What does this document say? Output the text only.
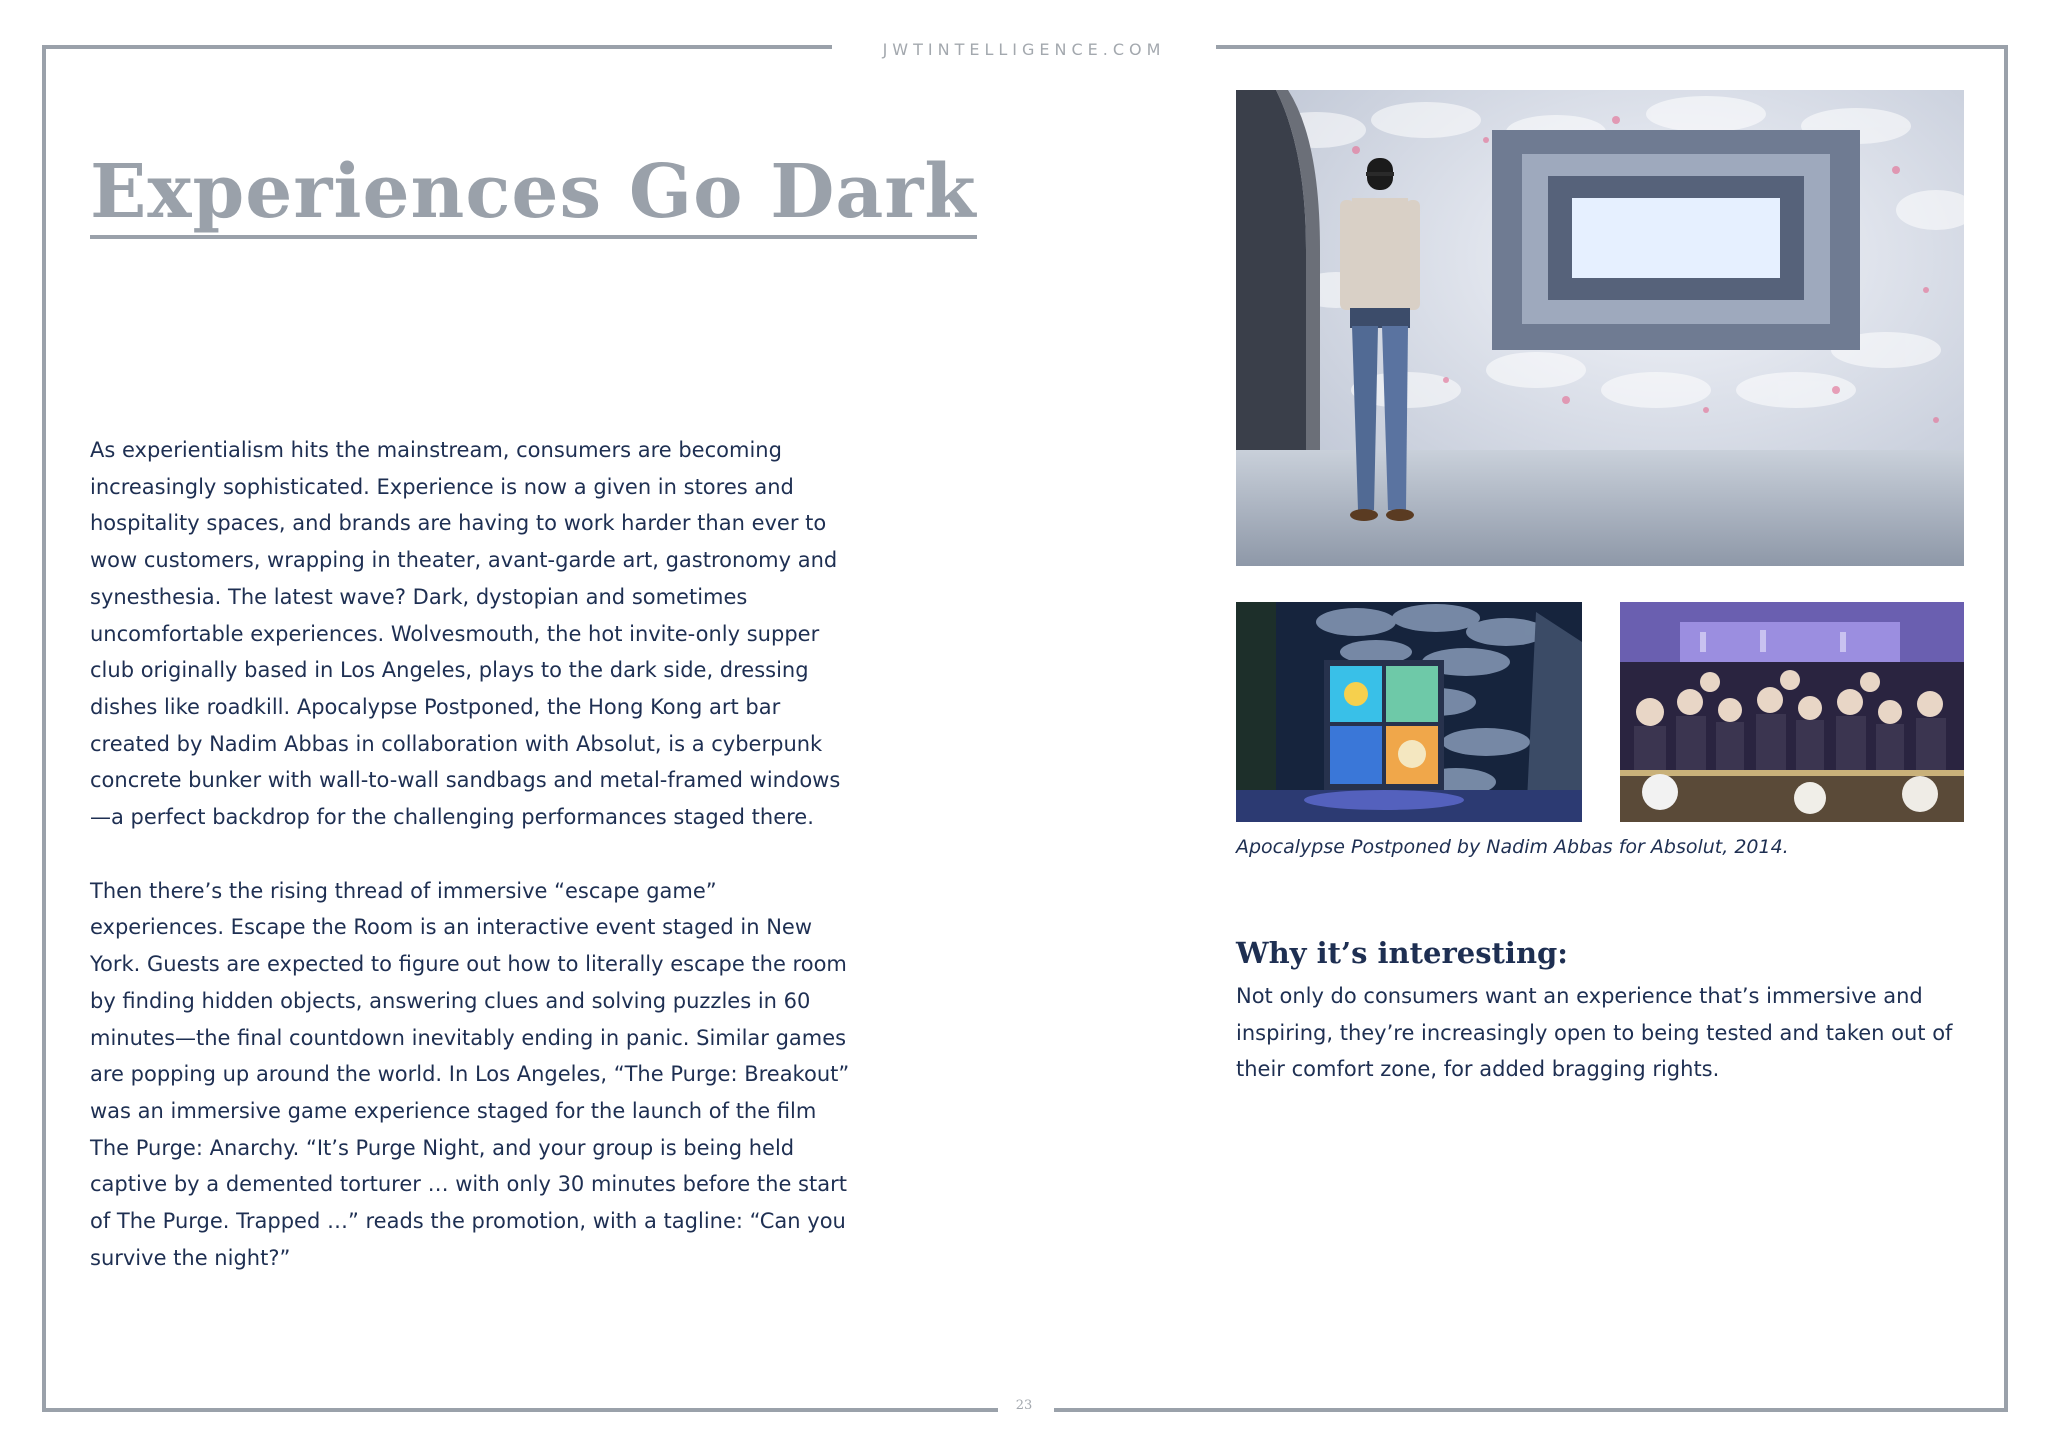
JWTINTELLIGENCE.COM
Experiences Go Dark

As experientialism hits the mainstream, consumers are becoming increasingly sophisticated. Experience is now a given in stores and hospitality spaces, and brands are having to work harder than ever to wow customers, wrapping in theater, avant-garde art, gastronomy and synesthesia. The latest wave? Dark, dystopian and sometimes uncomfortable experiences. Wolvesmouth, the hot invite-only supper club originally based in Los Angeles, plays to the dark side, dressing dishes like roadkill. Apocalypse Postponed, the Hong Kong art bar created by Nadim Abbas in collaboration with Absolut, is a cyberpunk concrete bunker with wall-to-wall sandbags and metal-framed windows—a perfect backdrop for the challenging performances staged there.

Then there’s the rising thread of immersive “escape game” experiences. Escape the Room is an interactive event staged in New York. Guests are expected to figure out how to literally escape the room by finding hidden objects, answering clues and solving puzzles in 60 minutes—the final countdown inevitably ending in panic. Similar games are popping up around the world. In Los Angeles, “The Purge: Breakout” was an immersive game experience staged for the launch of the film The Purge: Anarchy. “It’s Purge Night, and your group is being held captive by a demented torturer … with only 30 minutes before the start of The Purge. Trapped …” reads the promotion, with a tagline: “Can you survive the night?”

Apocalypse Postponed by Nadim Abbas for Absolut, 2014.
Why it’s interesting:

Not only do consumers want an experience that’s immersive and inspiring, they’re increasingly open to being tested and taken out of their comfort zone, for added bragging rights.

23
